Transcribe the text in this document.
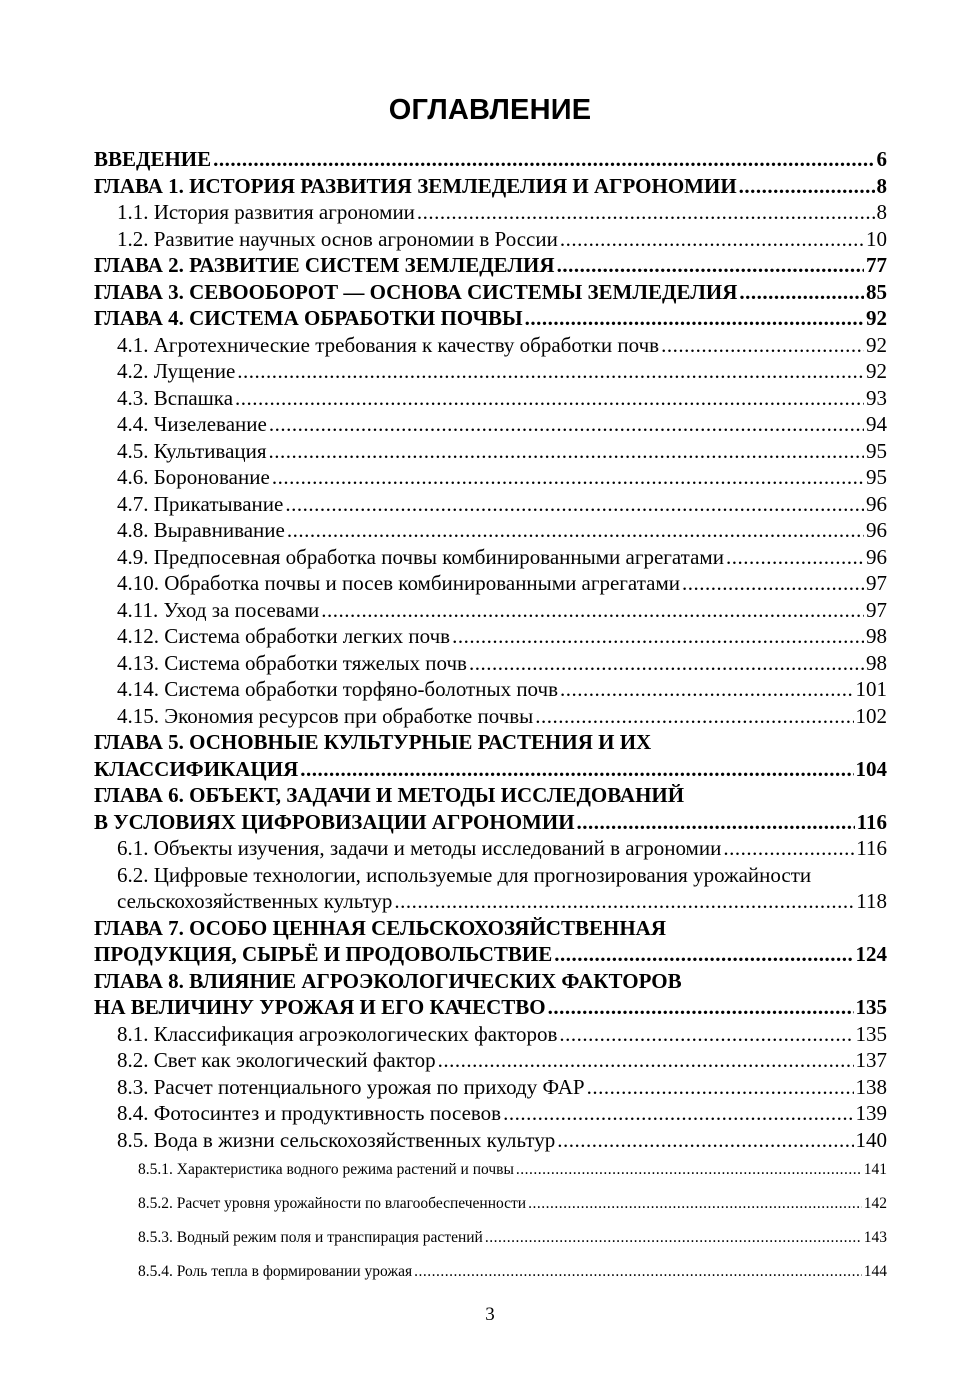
ОГЛАВЛЕНИЕ
ВВЕДЕНИЕ .....	6
ГЛАВА 1. ИСТОРИЯ РАЗВИТИЯ ЗЕМЛЕДЕЛИЯ И АГРОНОМИИ .....	8
1.1. История развития агрономии .....	8
1.2. Развитие научных основ агрономии в России .....	10
ГЛАВА 2. РАЗВИТИЕ СИСТЕМ ЗЕМЛЕДЕЛИЯ .....	77
ГЛАВА 3. СЕВООБОРОТ — ОСНОВА СИСТЕМЫ ЗЕМЛЕДЕЛИЯ .....	85
ГЛАВА 4. СИСТЕМА ОБРАБОТКИ ПОЧВЫ .....	92
4.1. Агротехнические требования к качеству обработки почв .....	92
4.2. Лущение .....	92
4.3. Вспашка .....	93
4.4. Чизелевание .....	94
4.5. Культивация .....	95
4.6. Боронование .....	95
4.7. Прикатывание .....	96
4.8. Выравнивание .....	96
4.9. Предпосевная обработка почвы комбинированными агрегатами .....	96
4.10. Обработка почвы и посев комбинированными агрегатами .....	97
4.11. Уход за посевами .....	97
4.12. Система обработки легких почв .....	98
4.13. Система обработки тяжелых почв .....	98
4.14. Система обработки торфяно-болотных почв .....	101
4.15. Экономия ресурсов при обработке почвы .....	102
ГЛАВА 5. ОСНОВНЫЕ КУЛЬТУРНЫЕ РАСТЕНИЯ И ИХ
КЛАССИФИКАЦИЯ .....	104
ГЛАВА 6. ОБЪЕКТ, ЗАДАЧИ И МЕТОДЫ ИССЛЕДОВАНИЙ
В УСЛОВИЯХ ЦИФРОВИЗАЦИИ АГРОНОМИИ .....	116
6.1. Объекты изучения, задачи и методы исследований в агрономии .....	116
6.2. Цифровые технологии, используемые для прогнозирования урожайности
сельскохозяйственных культур .....	118
ГЛАВА 7. ОСОБО ЦЕННАЯ СЕЛЬСКОХОЗЯЙСТВЕННАЯ
ПРОДУКЦИЯ, СЫРЬЁ И ПРОДОВОЛЬСТВИЕ .....	124
ГЛАВА 8. ВЛИЯНИЕ АГРОЭКОЛОГИЧЕСКИХ ФАКТОРОВ
НА ВЕЛИЧИНУ УРОЖАЯ И ЕГО КАЧЕСТВО .....	135
8.1. Классификация агроэкологических факторов .....	135
8.2. Свет как экологический фактор .....	137
8.3. Расчет потенциального урожая по приходу ФАР .....	138
8.4. Фотосинтез и продуктивность посевов .....	139
8.5. Вода в жизни сельскохозяйственных культур .....	140
8.5.1. Характеристика водного режима растений и почвы .....	141
8.5.2. Расчет уровня урожайности по влагообеспеченности .....	142
8.5.3. Водный режим поля и транспирация растений .....	143
8.5.4. Роль тепла в формировании урожая .....	144
3
